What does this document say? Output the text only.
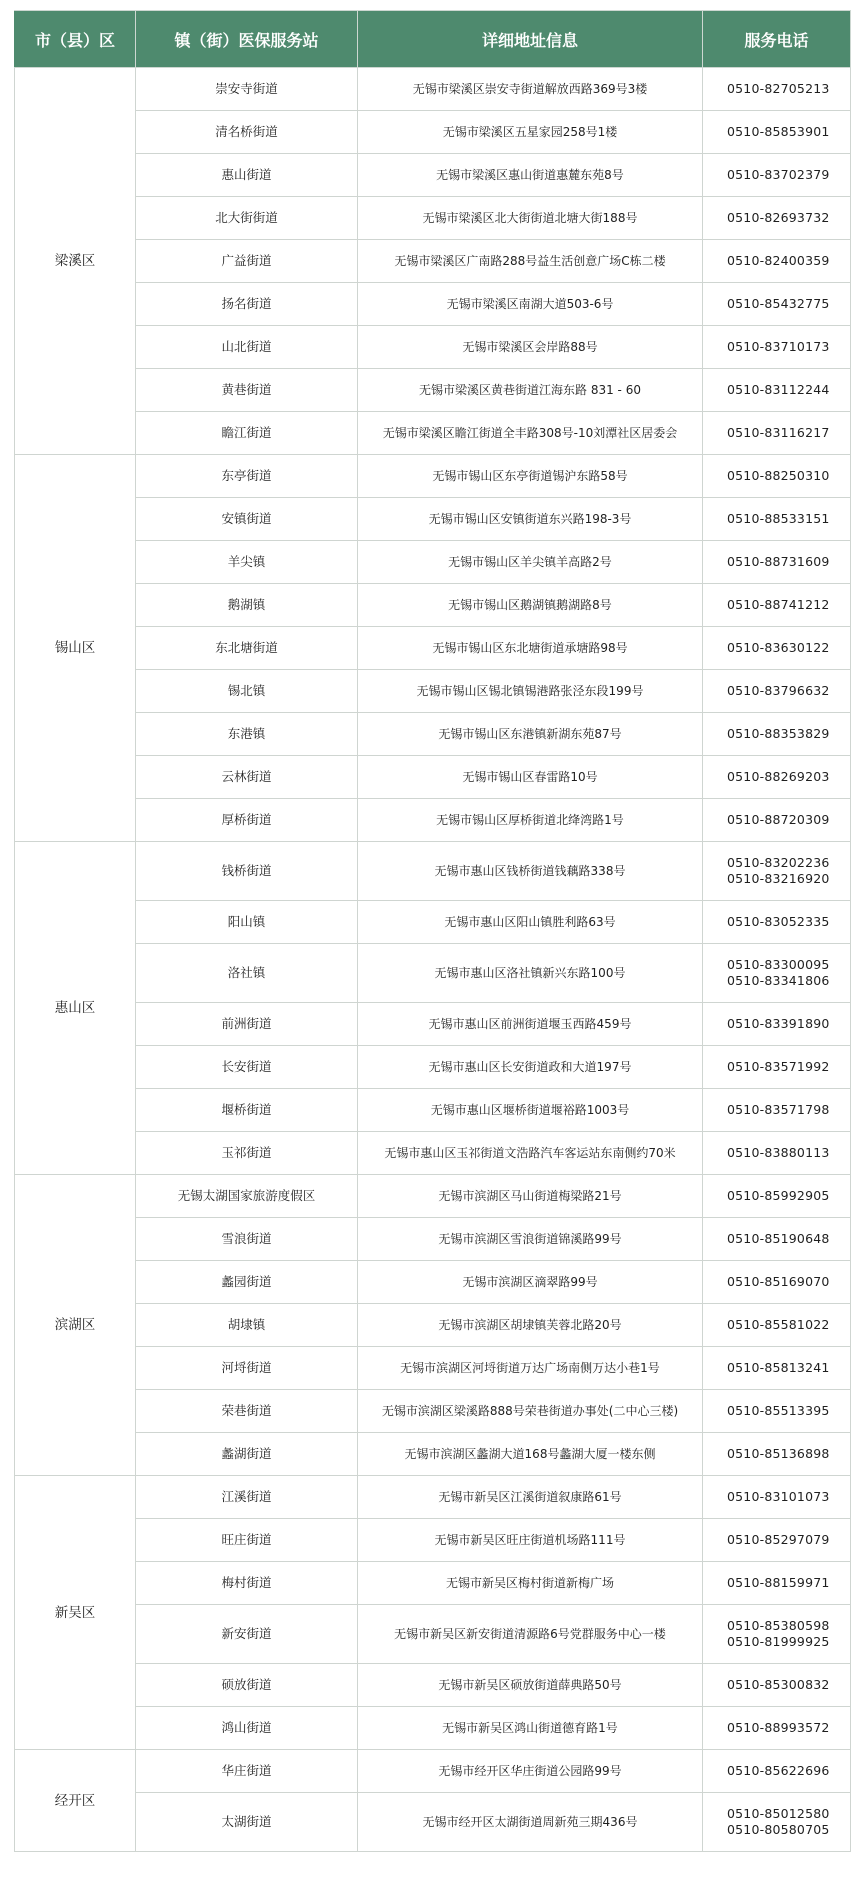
市（县）区	镇（街）医保服务站	详细地址信息	服务电话
梁溪区	崇安寺街道	无锡市梁溪区崇安寺街道解放西路369号3楼	0510-82705213

	清名桥街道	无锡市梁溪区五星家园258号1楼	0510-85853901

	惠山街道	无锡市梁溪区惠山街道惠麓东苑8号	0510-83702379

	北大街街道	无锡市梁溪区北大街街道北塘大街188号	0510-82693732

	广益街道	无锡市梁溪区广南路288号益生活创意广场C栋二楼	0510-82400359

	扬名街道	无锡市梁溪区南湖大道503-6号	0510-85432775

	山北街道	无锡市梁溪区会岸路88号	0510-83710173

	黄巷街道	无锡市梁溪区黄巷街道江海东路 831 - 60	0510-83112244

	瞻江街道	无锡市梁溪区瞻江街道全丰路308号-10刘潭社区居委会	0510-83116217

锡山区	东亭街道	无锡市锡山区东亭街道锡沪东路58号	0510-88250310

	安镇街道	无锡市锡山区安镇街道东兴路198-3号	0510-88533151

	羊尖镇	无锡市锡山区羊尖镇羊高路2号	0510-88731609

	鹅湖镇	无锡市锡山区鹅湖镇鹅湖路8号	0510-88741212

	东北塘街道	无锡市锡山区东北塘街道承塘路98号	0510-83630122

	锡北镇	无锡市锡山区锡北镇锡港路张泾东段199号	0510-83796632

	东港镇	无锡市锡山区东港镇新湖东苑87号	0510-88353829

	云林街道	无锡市锡山区春雷路10号	0510-88269203

	厚桥街道	无锡市锡山区厚桥街道北绛湾路1号	0510-88720309

惠山区	钱桥街道	无锡市惠山区钱桥街道钱藕路338号	0510-83202236
0510-83216920

	阳山镇	无锡市惠山区阳山镇胜利路63号	0510-83052335

	洛社镇	无锡市惠山区洛社镇新兴东路100号	0510-83300095
0510-83341806

	前洲街道	无锡市惠山区前洲街道堰玉西路459号	0510-83391890

	长安街道	无锡市惠山区长安街道政和大道197号	0510-83571992

	堰桥街道	无锡市惠山区堰桥街道堰裕路1003号	0510-83571798

	玉祁街道	无锡市惠山区玉祁街道文浩路汽车客运站东南侧约70米	0510-83880113

滨湖区	无锡太湖国家旅游度假区	无锡市滨湖区马山街道梅梁路21号	0510-85992905

	雪浪街道	无锡市滨湖区雪浪街道锦溪路99号	0510-85190648

	蠡园街道	无锡市滨湖区滴翠路99号	0510-85169070

	胡埭镇	无锡市滨湖区胡埭镇芙蓉北路20号	0510-85581022

	河埒街道	无锡市滨湖区河埒街道万达广场南侧万达小巷1号	0510-85813241

	荣巷街道	无锡市滨湖区梁溪路888号荣巷街道办事处(二中心三楼)	0510-85513395

	蠡湖街道	无锡市滨湖区蠡湖大道168号蠡湖大厦一楼东侧	0510-85136898

新吴区	江溪街道	无锡市新吴区江溪街道叙康路61号	0510-83101073

	旺庄街道	无锡市新吴区旺庄街道机场路111号	0510-85297079

	梅村街道	无锡市新吴区梅村街道新梅广场	0510-88159971

	新安街道	无锡市新吴区新安街道清源路6号党群服务中心一楼	0510-85380598
0510-81999925

	硕放街道	无锡市新吴区硕放街道薛典路50号	0510-85300832

	鸿山街道	无锡市新吴区鸿山街道德育路1号	0510-88993572

经开区	华庄街道	无锡市经开区华庄街道公园路99号	0510-85622696

	太湖街道	无锡市经开区太湖街道周新苑三期436号	0510-85012580
0510-80580705
